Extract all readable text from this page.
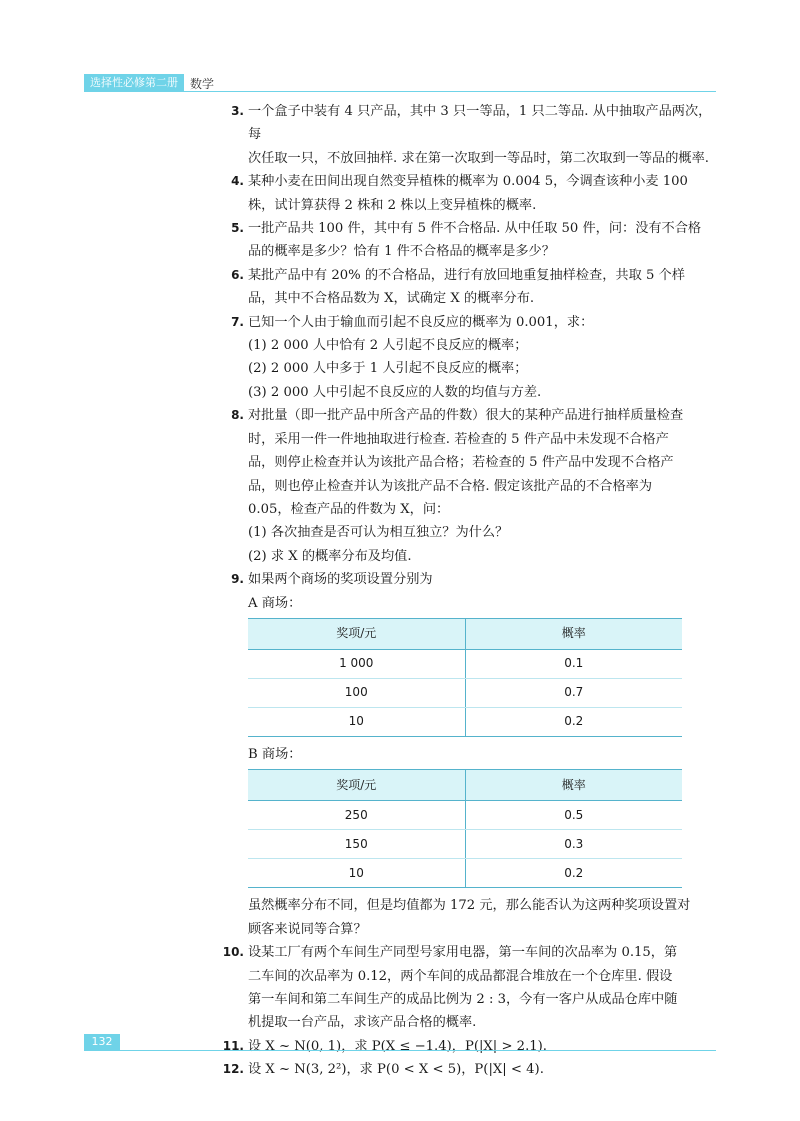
选择性必修第二册	数学
3. 一个盒子中装有 4 只产品，其中 3 只一等品，1 只二等品. 从中抽取产品两次，每

次任取一只，不放回抽样. 求在第一次取到一等品时，第二次取到一等品的概率.

4. 某种小麦在田间出现自然变异植株的概率为 0.004 5，今调查该种小麦 100

株，试计算获得 2 株和 2 株以上变异植株的概率.

5. 一批产品共 100 件，其中有 5 件不合格品. 从中任取 50 件，问：没有不合格

品的概率是多少？恰有 1 件不合格品的概率是多少？

6. 某批产品中有 20% 的不合格品，进行有放回地重复抽样检查，共取 5 个样

品，其中不合格品数为 X，试确定 X 的概率分布.

7. 已知一个人由于输血而引起不良反应的概率为 0.001，求：

(1) 2 000 人中恰有 2 人引起不良反应的概率；

(2) 2 000 人中多于 1 人引起不良反应的概率；

(3) 2 000 人中引起不良反应的人数的均值与方差.

8. 对批量（即一批产品中所含产品的件数）很大的某种产品进行抽样质量检查

时，采用一件一件地抽取进行检查. 若检查的 5 件产品中未发现不合格产

品，则停止检查并认为该批产品合格；若检查的 5 件产品中发现不合格产

品，则也停止检查并认为该批产品不合格. 假定该批产品的不合格率为

0.05，检查产品的件数为 X，问：

(1) 各次抽查是否可认为相互独立？为什么？

(2) 求 X 的概率分布及均值.

9. 如果两个商场的奖项设置分别为

A 商场：

奖项/元	概率
1 000	0.1
100	0.7
10	0.2

B 商场：

奖项/元	概率
250	0.5
150	0.3
10	0.2

虽然概率分布不同，但是均值都为 172 元，那么能否认为这两种奖项设置对

顾客来说同等合算？

10. 设某工厂有两个车间生产同型号家用电器，第一车间的次品率为 0.15，第

二车间的次品率为 0.12，两个车间的成品都混合堆放在一个仓库里. 假设

第一车间和第二车间生产的成品比例为 2 : 3，今有一客户从成品仓库中随

机提取一台产品，求该产品合格的概率.

11. 设 X ~ N(0, 1)，求 P(X ≤ −1.4)，P(|X| > 2.1).

12. 设 X ~ N(3, 2²)，求 P(0 < X < 5)，P(|X| < 4).

132
